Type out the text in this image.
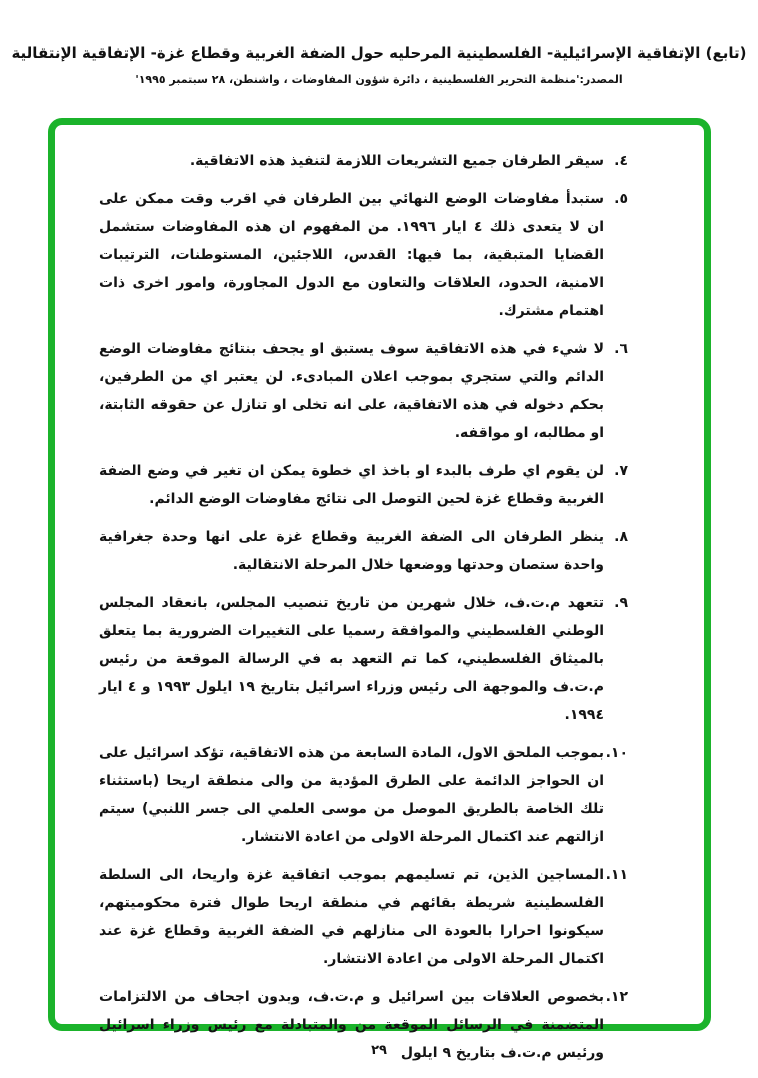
(تابع) الإتفاقية الإسرائيلية- الفلسطينية المرحليه حول الضفة الغربية وقطاع غزة- الإتفاقية الإنتقالية
المصدر:'منظمة التحرير الفلسطينية ، دائرة شؤون المفاوضات ، واشنطن، ٢٨ سبتمبر ١٩٩٥'
٤.
سيقر الطرفان جميع التشريعات اللازمة لتنفيذ هذه الاتفاقية.
٥.
ستبدأ مفاوضات الوضع النهائي بين الطرفان في اقرب وقت ممكن على ان لا يتعدى ذلك ٤ ايار ١٩٩٦. من المفهوم ان هذه المفاوضات ستشمل القضايا المتبقية، بما فيها: القدس، اللاجئين، المستوطنات، الترتيبات الامنية، الحدود، العلاقات والتعاون مع الدول المجاورة، وامور اخرى ذات اهتمام مشترك.
٦.
لا شيء في هذه الاتفاقية سوف يستبق او يجحف بنتائج مفاوضات الوضع الدائم والتي ستجري بموجب اعلان المبادىء. لن يعتبر اي من الطرفين، بحكم دخوله في هذه الاتفاقية، على انه تخلى او تنازل عن حقوقه الثابتة، او مطالبه، او مواقفه.
٧.
لن يقوم اي طرف بالبدء او باخذ اي خطوة يمكن ان تغير في وضع الضفة الغربية وقطاع غزة لحين التوصل الى نتائج مفاوضات الوضع الدائم.
٨.
ينظر الطرفان الى الضفة الغربية وقطاع غزة على انها وحدة جغرافية واحدة ستصان وحدتها ووضعها خلال المرحلة الانتقالية.
٩.
تتعهد م.ت.ف، خلال شهرين من تاريخ تنصيب المجلس، بانعقاد المجلس الوطني الفلسطيني والموافقة رسميا على التغييرات الضرورية بما يتعلق بالميثاق الفلسطيني، كما تم التعهد به في الرسالة الموقعة من رئيس م.ت.ف والموجهة الى رئيس وزراء اسرائيل بتاريخ ١٩ ايلول ١٩٩٣ و ٤ ايار ١٩٩٤.
١٠.
بموجب الملحق الاول، المادة السابعة من هذه الاتفاقية، تؤكد اسرائيل على ان الحواجز الدائمة على الطرق المؤدية من والى منطقة اريحا (باستثناء تلك الخاصة بالطريق الموصل من موسى العلمي الى جسر اللنبي) سيتم ازالتهم عند اكتمال المرحلة الاولى من اعادة الانتشار.
١١.
المساجين الذين، تم تسليمهم بموجب اتفاقية غزة واريحا، الى السلطة الفلسطينية شريطة بقائهم في منطقة اريحا طوال فترة محكوميتهم، سيكونوا احرارا بالعودة الى منازلهم في الضفة الغربية وقطاع غزة عند اكتمال المرحلة الاولى من اعادة الانتشار.
١٢.
بخصوص العلاقات بين اسرائيل و م.ت.ف، وبدون اجحاف من الالتزامات المتضمنة في الرسائل الموقعة من والمتبادلة مع رئيس وزراء اسرائيل ورئيس م.ت.ف بتاريخ ٩ ايلول
٢٩
